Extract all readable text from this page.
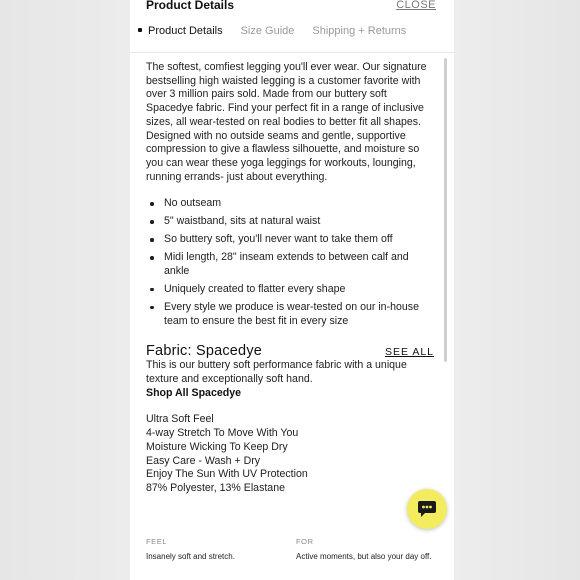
Product Details	CLOSE
Product Details Size Guide Shipping + Returns

The softest, comfiest legging you'll ever wear. Our signature bestselling high waisted legging is a customer favorite with over 3 million pairs sold. Made from our buttery soft Spacedye fabric. Find your perfect fit in a range of inclusive sizes, all wear-tested on real bodies to better fit all shapes. Designed with no outside seams and gentle, supportive compression to give a flawless silhouette, and moisture so you can wear these yoga leggings for workouts, lounging, running errands- just about everything.

No outseam
5" waistband, sits at natural waist
So buttery soft, you'll never want to take them off
Midi length, 28" inseam extends to between calf and ankle
Uniquely created to flatter every shape
Every style we produce is wear-tested on our in-house team to ensure the best fit in every size
Fabric: Spacedye	SEE ALL

This is our buttery soft performance fabric with a unique texture and exceptionally soft hand.

Shop All Spacedye
Ultra Soft Feel
4-way Stretch To Move With You
Moisture Wicking To Keep Dry
Easy Care - Wash + Dry
Enjoy The Sun With UV Protection
87% Polyester, 13% Elastane
FEEL
Insanely soft and stretch.
FOR
Active moments, but also your day off.
